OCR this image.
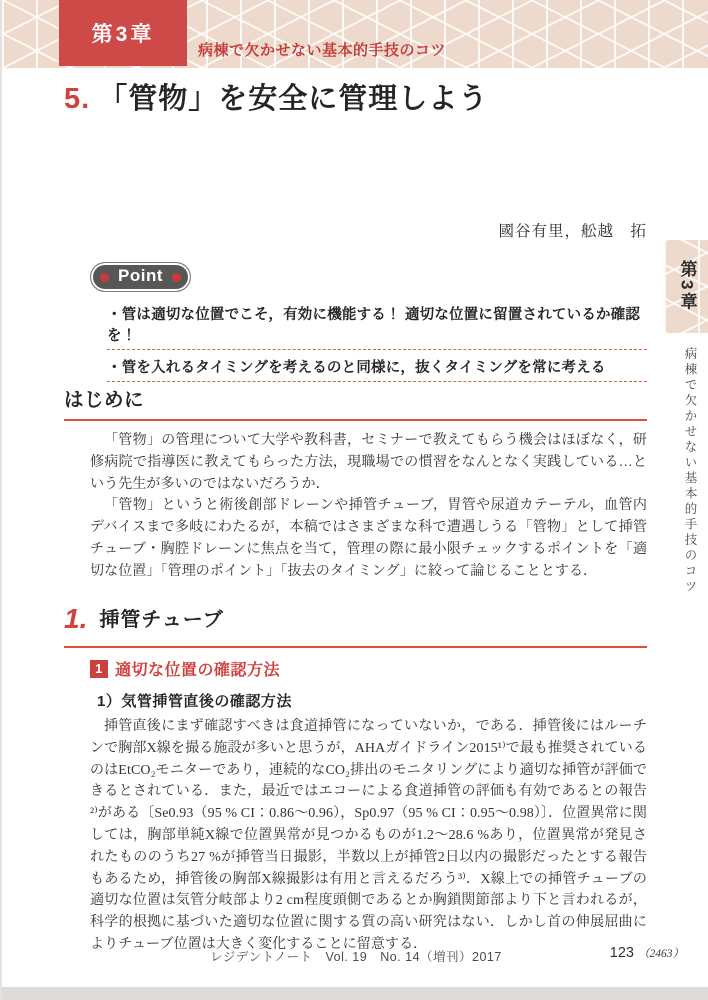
第3章
病棟で欠かせない基本的手技のコツ
5. 「管物」を安全に管理しよう
國谷有里，舩越　拓
第3章
病棟で欠かせない基本的手技のコツ
Point
・管は適切な位置でこそ，有効に機能する！ 適切な位置に留置されているか確認を！
・管を入れるタイミングを考えるのと同様に，抜くタイミングを常に考える
はじめに

「管物」の管理について大学や教科書，セミナーで教えてもらう機会はほぼなく，研修病院で指導医に教えてもらった方法，現職場での慣習をなんとなく実践している…という先生が多いのではないだろうか．

「管物」というと術後創部ドレーンや挿管チューブ，胃管や尿道カテーテル，血管内デバイスまで多岐にわたるが，本稿ではさまざまな科で遭遇しうる「管物」として挿管チューブ・胸腔ドレーンに焦点を当て，管理の際に最小限チェックするポイントを「適切な位置」「管理のポイント」「抜去のタイミング」に絞って論じることとする．

1. 挿管チューブ
1 適切な位置の確認方法
1）気管挿管直後の確認方法

挿管直後にまず確認すべきは食道挿管になっていないか，である．挿管後にはルーチンで胸部X線を撮る施設が多いと思うが，AHAガイドライン2015¹⁾で最も推奨されているのはEtCO₂モニターであり，連続的なCO₂排出のモニタリングにより適切な挿管が評価できるとされている．また，最近ではエコーによる食道挿管の評価も有効であるとの報告²⁾がある〔Se0.93（95 % CI：0.86〜0.96），Sp0.97（95 % CI：0.95〜0.98）〕．位置異常に関しては，胸部単純X線で位置異常が見つかるものが1.2〜28.6 %あり，位置異常が発見されたもののうち27 %が挿管当日撮影，半数以上が挿管2日以内の撮影だったとする報告もあるため，挿管後の胸部X線撮影は有用と言えるだろう³⁾．X線上での挿管チューブの適切な位置は気管分岐部より2 cm程度頭側であるとか胸鎖関節部より下と言われるが，科学的根拠に基づいた適切な位置に関する質の高い研究はない．しかし首の伸展屈曲によりチューブ位置は大きく変化することに留意する．

レジデントノート　Vol. 19　No. 14（増刊）2017	123 （2463）
